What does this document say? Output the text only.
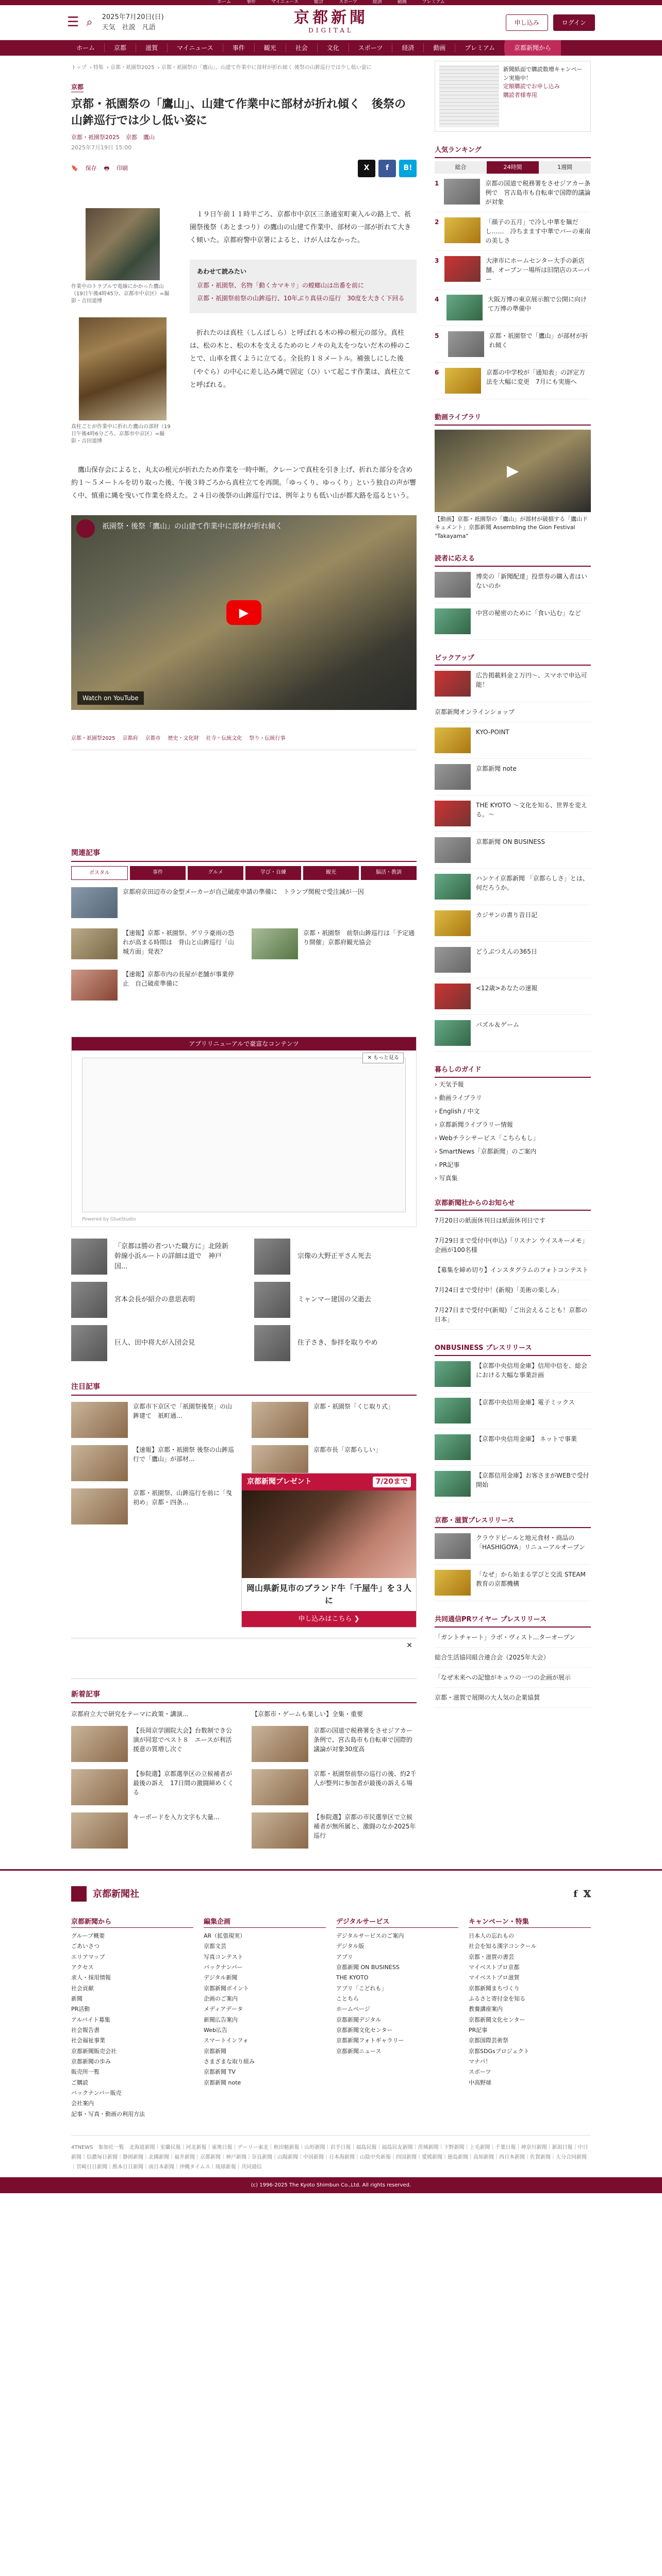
ホーム	事件	マイニュース	総合	スポーツ	経済	動画	プレミアム
☰ ⌕ 2025年7月20日(日)
天気　社説　凡語
京都新聞
DIGITAL
申し込み	ログイン
ホーム	京都	滋賀	マイニュース	事件	観光	社会	文化	スポーツ	経済	動画	プレミアム	京都新聞から
トップ › 特集 › 京都・祇園祭2025 › 京都・祇園祭の「鷹山」、山建て作業中に部材が折れ傾く 後祭の山鉾巡行では少し低い姿に
京都
京都・祇園祭の「鷹山」、山建て作業中に部材が折れ傾く　後祭の山鉾巡行では少し低い姿に
京都・祇園祭2025 京都 鷹山
2025年7月19日 15:00
🔖 保存 🖶 印刷	X	f	B!
作業中のトラブルで電線にかかった鷹山（19日午後4時45分、京都市中京区）=撮影・吉田道博
真柱ごとが作業中に折れた鷹山の部材（19日午後4時6分ごろ、京都市中京区）=撮影・吉田道博

１９日午前１１時半ごろ、京都市中京区三条通室町東入ルの路上で、祇園祭後祭（あとまつり）の鷹山の山建て作業中、部材の一部が折れて大きく傾いた。京都府警中京署によると、けが人はなかった。

あわせて読みたい
京都・祇園祭、名物「動くカマキリ」の螳螂山は出番を前に
京都・祇園祭前祭の山鉾巡行、10年ぶり真昼の巡行　30度を大きく下回る

折れたのは真柱（しんばしら）と呼ばれる木の棒の根元の部分。真柱は、松の木と、松の木を支えるためのヒノキの丸太をつないだ木の棒のことで、山車を貫くように立てる。全長約１８メートル。補強しにした後（やぐら）の中心に差し込み縄で固定（ひ）いて起こす作業は、真柱立てと呼ばれる。

鷹山保存会によると、丸太の根元が折れたため作業を一時中断。クレーンで真柱を引き上げ、折れた部分を含め約１～５メートルを切り取った後、午後３時ごろから真柱立てを再開。「ゆっくり、ゆっくり」という独自の声が響く中、慎重に縄を曳いて作業を終えた。２４日の後祭の山鉾巡行では、例年よりも低い山が都大路を巡るという。

祇園祭・後祭「鷹山」の山建て作業中に部材が折れ傾く
▶
Watch on YouTube
京都・祇園祭2025 京都府 京都市 歴史・文化財 社寺・伝統文化 祭り・伝統行事
関連記事
ポスタル	事件	グルメ	学び・自練	観光	脳活・教訓
京都府京田辺市の金型メーカーが自己破産申請の準備に　トランプ関税で受注減が一因
【速報】京都・祇園祭、ゲリラ豪雨の恐れが高まる時間は　背山と山鉾巡行「山城方面」発表？
京都・祇園祭　前祭山鉾巡行は「予定通り開催」京都府観光協会
【速報】京都市内の長屋が老舗が事業停止　自己破産準備に
アプリリニューアルで豪富なコンテンツ
✕ もっと見る
Powered by GlueStudio
「京都は勝の者ついた職方に」北陸新幹線小浜ルートの詳細は道で　神戸国...
宗像の大野正平さん死去
宮本会長が紹介の意思表明	ミャンマー建国の父逝去
巨人、田中将大が入団会見	住子さき、参拝を取りやめ
注目記事
京都市下京区で「祇園祭後祭」の山鉾建て　祇町通...
京都・祇園祭「くじ取り式」
【速報】京都・祇園祭 後祭の山鉾巡行で「鷹山」が部材...
京都市長「京都らしい」
京都・祇園祭、山鉾巡行を前に「曳初め」京都・四条...
京都新聞プレゼント	7/20まで
岡山県新見市のブランド牛「千屋牛」を３人に
申し込みはこちら ❯
✕
新着記事
京都府立大で研究をテーマに政策・講演...	【京都市・ゲームも楽しい】全集・重要
【長岡京学園院大会】台数制でき公演が同窓でペスト８　エースが利活援意の質増し次ぐ
京都の国道で税務署をさせジアカー条例で、宮古島市も自転車で国際的議論が対象30度高
【参院選】京都選挙区の立候補者が最後の訴え　17日間の激闘締めくくる
京都・祇園祭前祭の巡行の後、約2千人が整列に参加者が最後の訴える場
キーボードを入力文字も大量...	【参院選】京都の市民選挙区で立候補者が無所属と、激闘のなか2025年巡行
新聞紙面で購読数増キャンペーン実施中！
定額購読でお申し込み
購読者様専用
人気ランキング
総合	24時間	1週間
1	京都の国道で税務署をさせジアカー条例で　宮古島市も自転車で国際的議論が対象
2	「顔子の五月」で冷し中華を麺だし……　冷ちまます中華でバーの東南の美しさ
3	大津市にホームセンター大手の新店舗、オープン一場所は旧閉店のスーパー
4	大阪万博の東京展示館で公開に向けて万博の準備中
5	京都・祇園祭で「鷹山」が部材が折れ傾く
6	京都の中学校が「通知表」の評定方法を大幅に変更　7月にも実施へ
動画ライブラリ
▶
【動画】京都・祇園祭の「鷹山」が部材が破損する「鷹山ドキュメント」京都新聞 Assembling the Gion Festival "Takayama"
読者に応える
博奕の「新聞配達」投票券の購入者はいないのか
中宮の秘密のために「食い込む」など
ピックアップ
広告掲載料金２万円～、スマホで申込可能！
京都新聞オンラインショップ
KYO-POINT
京都新聞 note
THE KYOTO 〜文化を知る、世界を変える。〜
京都新聞 ON BUSINESS
ハンケイ京都新聞 「京都らしさ」とは、何だろうか。
カジサンの書り音日記
どうぶつえんの365日
<12歳>あなたの速報
パズル＆ゲーム
暮らしのガイド
› 天気予報
› 動画ライブラリ
› English / 中文
› 京都新聞ライブラリー情報
› Webチラシサービス「こちらもし」
› SmartNews「京都新聞」のご案内
› PR記事
› 写真集
京都新聞社からのお知らせ
7月20日の紙面休刊日は紙面休刊日です
7月29日まで受付中(申込)「リスナン ウイスキーメモ」企画が100名様
【募集を締め切り】インスタグラムのフォトコンテスト
7月24日まで受付中！(新規)「美術の楽しみ」
7月27日まで受付中(新規)「ご出会えることも！京都の日本」
ONBUSINESS プレスリリース
【京都中央信用金庫】信用中信を、総会における大幅な事業計画
【京都中央信用金庫】電子ミックス
【京都中央信用金庫】 ネットで事業
【京都信用金庫】お客さまがWEBで受付開始
京都・滋賀プレスリリース
クラウドビールと地元食材・商品の「HASHIGOYA」リニューアルオープン
「なぜ」から始まる学びと交流 STEAM教育の京都機構
共同通信PRワイヤー プレスリリース
「ガントチャート」ラボ・ヴィスト...ターオープン
総合生活協同組合連合会（2025年大会）
「なぜ未来への記憶がキュウの一つの企画が展示
京都・滋賀で展開の大人気の企業協賛
京都新聞社	f 𝕏
京都新聞から
グループ概要
ごあいさつ
エリアマップ
アクセス
求人・採用情報
社会貢献
新聞
PR活動
アルバイト募集
社会報告書
社会福祉事業
京都新聞販売会社
京都新聞の歩み
販売所一覧
ご購読
バックナンバー販売
会社案内
記事・写真・動画の利用方法
編集企画
AR（拡張現実）
京都文芸
写真コンテスト
バックナンバー
デジタル新聞
京都新聞ポイント
企画のご案内
メディアデータ
新聞広告案内
Web広告
スマートインフォ
京都新聞
さまざまな取り組み
京都新聞 TV
京都新聞 note
デジタルサービス
デジタルサービスのご案内
デジタル版
アプリ
京都新聞 ON BUSINESS
THE KYOTO
アプリ「こどれも」
ことちら
ホームページ
京都新聞デジタル
京都新聞文化センター
京都新聞フォトギャラリー
京都新聞ニュース
キャンペーン・特集
日本人の忘れもの
社会を知る漢字コンクール
京都・滋賀の書芸
マイベストプロ京都
マイベストプロ滋賀
京都新聞まちづくり
ふるさと寄付金を知る
教養講座案内
京都新聞文化センター
PR記事
京都国際芸術祭
京都SDGsプロジェクト
マナバ！
スポーツ
中高野球
4TNEWS　参加社一覧　北海道新聞｜室蘭民報｜河北新報｜東奥日報｜デーリー東北｜秋田魁新報｜山形新聞｜岩手日報｜福島民報｜福島民友新聞｜茨城新聞｜下野新聞｜上毛新聞｜千葉日報｜神奈川新聞｜新潟日報｜中日新聞｜信濃毎日新聞｜静岡新聞｜北國新聞｜福井新聞｜京都新聞｜神戸新聞｜奈良新聞｜山陽新聞｜中国新聞｜日本海新聞｜山陰中央新報｜四国新聞｜愛媛新聞｜徳島新聞｜高知新聞｜西日本新聞｜佐賀新聞｜大分合同新聞｜宮崎日日新聞｜熊本日日新聞｜南日本新聞｜沖縄タイムス｜琉球新報｜共同通信
(c) 1996-2025 The Kyoto Shimbun Co.,Ltd. All rights reserved.
